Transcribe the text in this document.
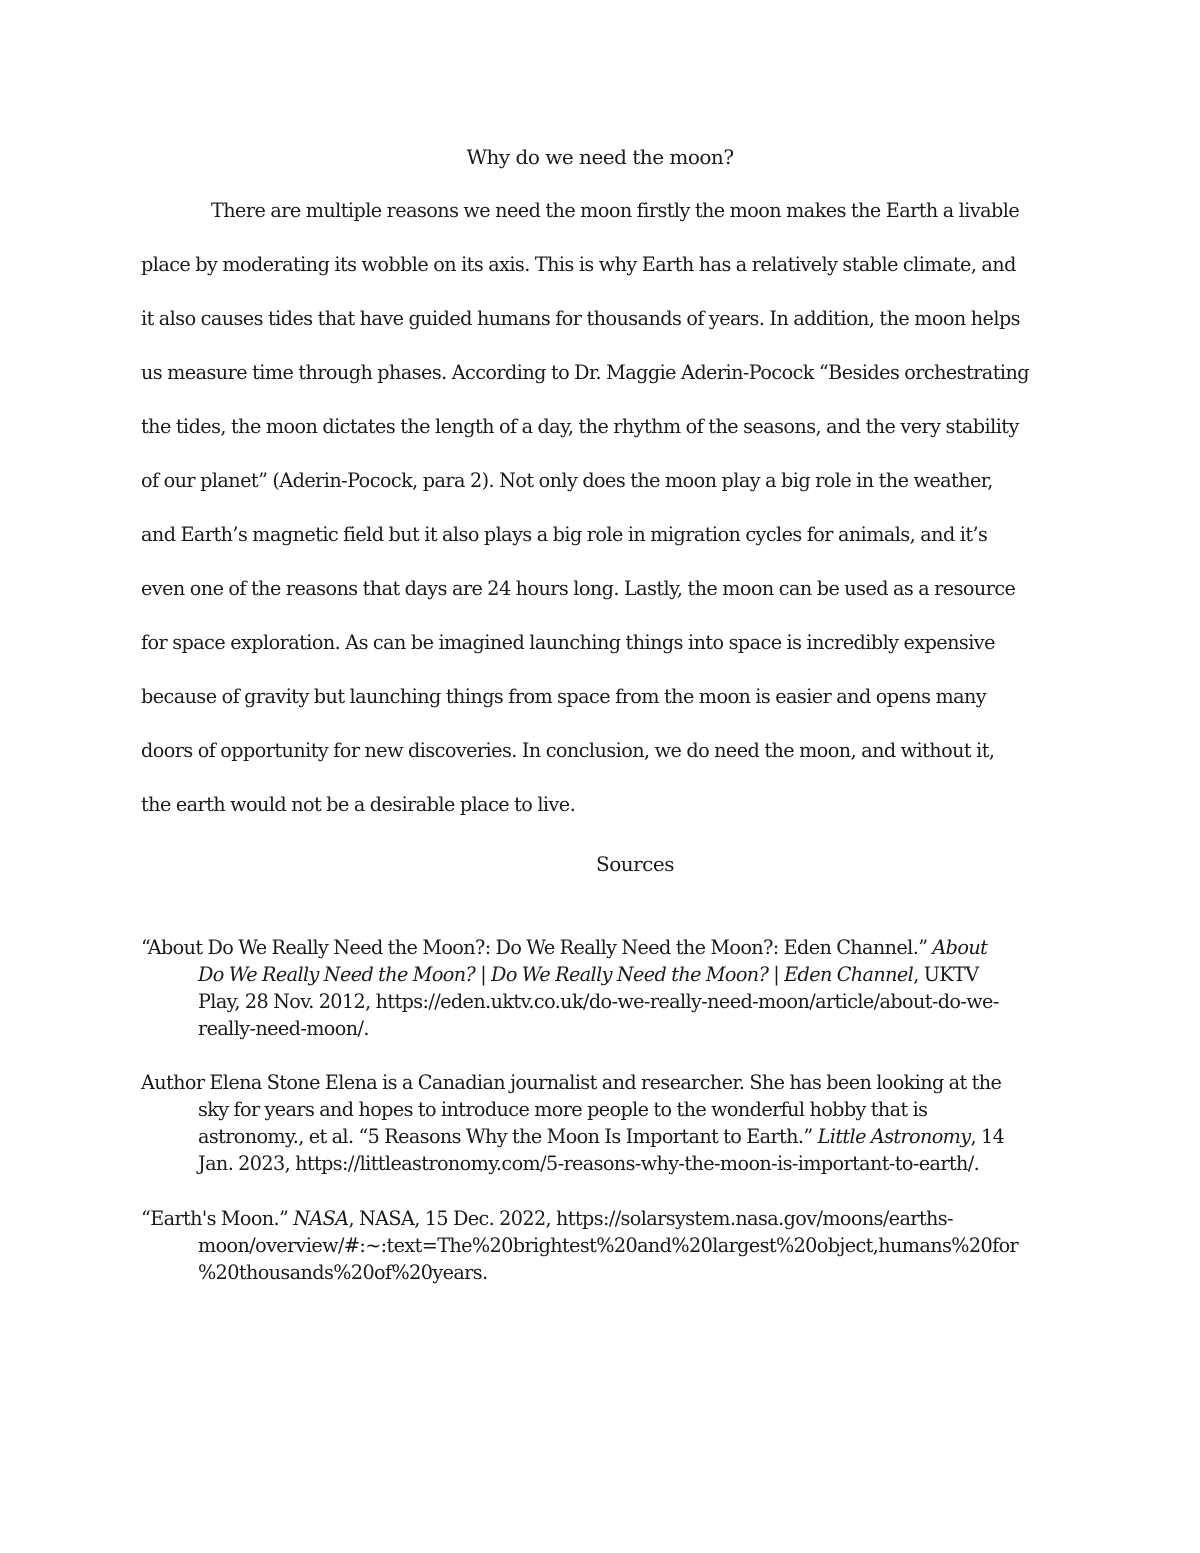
Why do we need the moon?
There are multiple reasons we need the moon firstly the moon makes the Earth a livable
place by moderating its wobble on its axis. This is why Earth has a relatively stable climate, and
it also causes tides that have guided humans for thousands of years. In addition, the moon helps
us measure time through phases. According to Dr. Maggie Aderin-Pocock “Besides orchestrating
the tides, the moon dictates the length of a day, the rhythm of the seasons, and the very stability
of our planet” (Aderin-Pocock, para 2). Not only does the moon play a big role in the weather,
and Earth’s magnetic field but it also plays a big role in migration cycles for animals, and it’s
even one of the reasons that days are 24 hours long. Lastly, the moon can be used as a resource
for space exploration. As can be imagined launching things into space is incredibly expensive
because of gravity but launching things from space from the moon is easier and opens many
doors of opportunity for new discoveries. In conclusion, we do need the moon, and without it,
the earth would not be a desirable place to live.
Sources
“About Do We Really Need the Moon?: Do We Really Need the Moon?: Eden Channel.” About
Do We Really Need the Moon? | Do We Really Need the Moon? | Eden Channel, UKTV
Play, 28 Nov. 2012, https://eden.uktv.co.uk/do-we-really-need-moon/article/about-do-we-
really-need-moon/.
Author Elena Stone Elena is a Canadian journalist and researcher. She has been looking at the
sky for years and hopes to introduce more people to the wonderful hobby that is
astronomy., et al. “5 Reasons Why the Moon Is Important to Earth.” Little Astronomy, 14
Jan. 2023, https://littleastronomy.com/5-reasons-why-the-moon-is-important-to-earth/.
“Earth's Moon.” NASA, NASA, 15 Dec. 2022, https://solarsystem.nasa.gov/moons/earths-
moon/overview/#:~:text=The%20brightest%20and%20largest%20object,humans%20for
%20thousands%20of%20years.
